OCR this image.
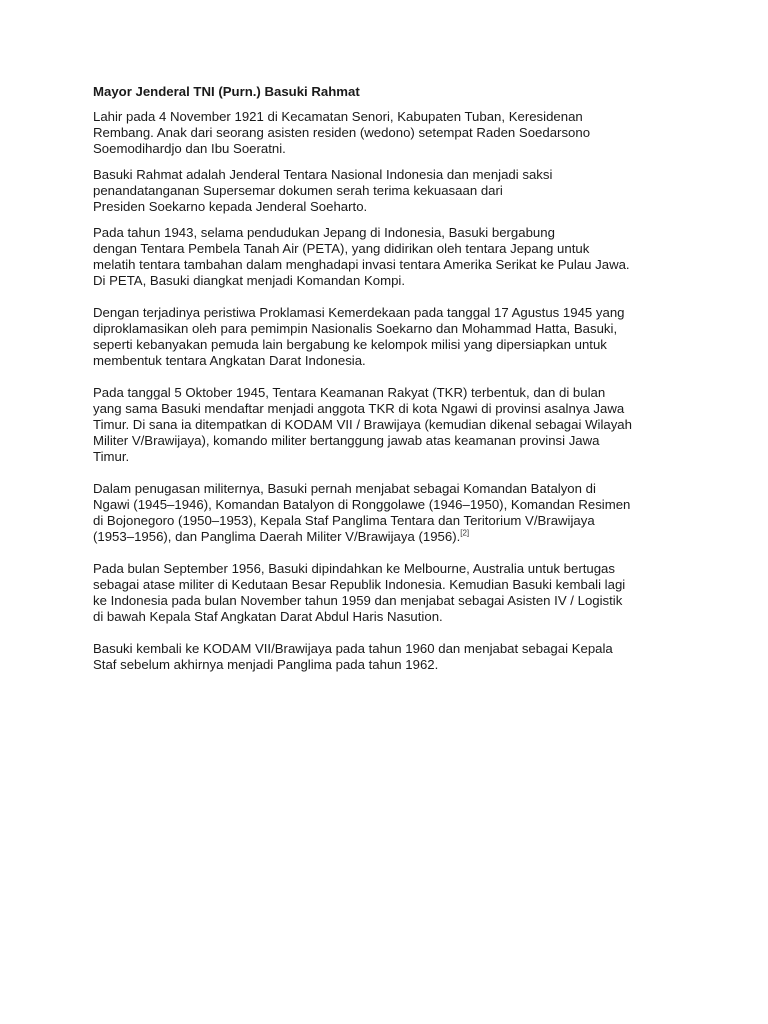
Mayor Jenderal TNI (Purn.) Basuki Rahmat
Lahir pada 4 November 1921 di Kecamatan Senori, Kabupaten Tuban, Keresidenan
Rembang. Anak dari seorang asisten residen (wedono) setempat Raden Soedarsono
Soemodihardjo dan Ibu Soeratni.
Basuki Rahmat adalah Jenderal Tentara Nasional Indonesia dan menjadi saksi
penandatanganan Supersemar dokumen serah terima kekuasaan dari
Presiden Soekarno kepada Jenderal Soeharto.
Pada tahun 1943, selama pendudukan Jepang di Indonesia, Basuki bergabung
dengan Tentara Pembela Tanah Air (PETA), yang didirikan oleh tentara Jepang untuk
melatih tentara tambahan dalam menghadapi invasi tentara Amerika Serikat ke Pulau Jawa.
Di PETA, Basuki diangkat menjadi Komandan Kompi.
Dengan terjadinya peristiwa Proklamasi Kemerdekaan pada tanggal 17 Agustus 1945 yang
diproklamasikan oleh para pemimpin Nasionalis Soekarno dan Mohammad Hatta, Basuki,
seperti kebanyakan pemuda lain bergabung ke kelompok milisi yang dipersiapkan untuk
membentuk tentara Angkatan Darat Indonesia.
Pada tanggal 5 Oktober 1945, Tentara Keamanan Rakyat (TKR) terbentuk, dan di bulan
yang sama Basuki mendaftar menjadi anggota TKR di kota Ngawi di provinsi asalnya Jawa
Timur. Di sana ia ditempatkan di KODAM VII / Brawijaya (kemudian dikenal sebagai Wilayah
Militer V/Brawijaya), komando militer bertanggung jawab atas keamanan provinsi Jawa
Timur.
Dalam penugasan militernya, Basuki pernah menjabat sebagai Komandan Batalyon di
Ngawi (1945–1946), Komandan Batalyon di Ronggolawe (1946–1950), Komandan Resimen
di Bojonegoro (1950–1953), Kepala Staf Panglima Tentara dan Teritorium V/Brawijaya
(1953–1956), dan Panglima Daerah Militer V/Brawijaya (1956).[2]
Pada bulan September 1956, Basuki dipindahkan ke Melbourne, Australia untuk bertugas
sebagai atase militer di Kedutaan Besar Republik Indonesia. Kemudian Basuki kembali lagi
ke Indonesia pada bulan November tahun 1959 dan menjabat sebagai Asisten IV / Logistik
di bawah Kepala Staf Angkatan Darat Abdul Haris Nasution.
Basuki kembali ke KODAM VII/Brawijaya pada tahun 1960 dan menjabat sebagai Kepala
Staf sebelum akhirnya menjadi Panglima pada tahun 1962.
